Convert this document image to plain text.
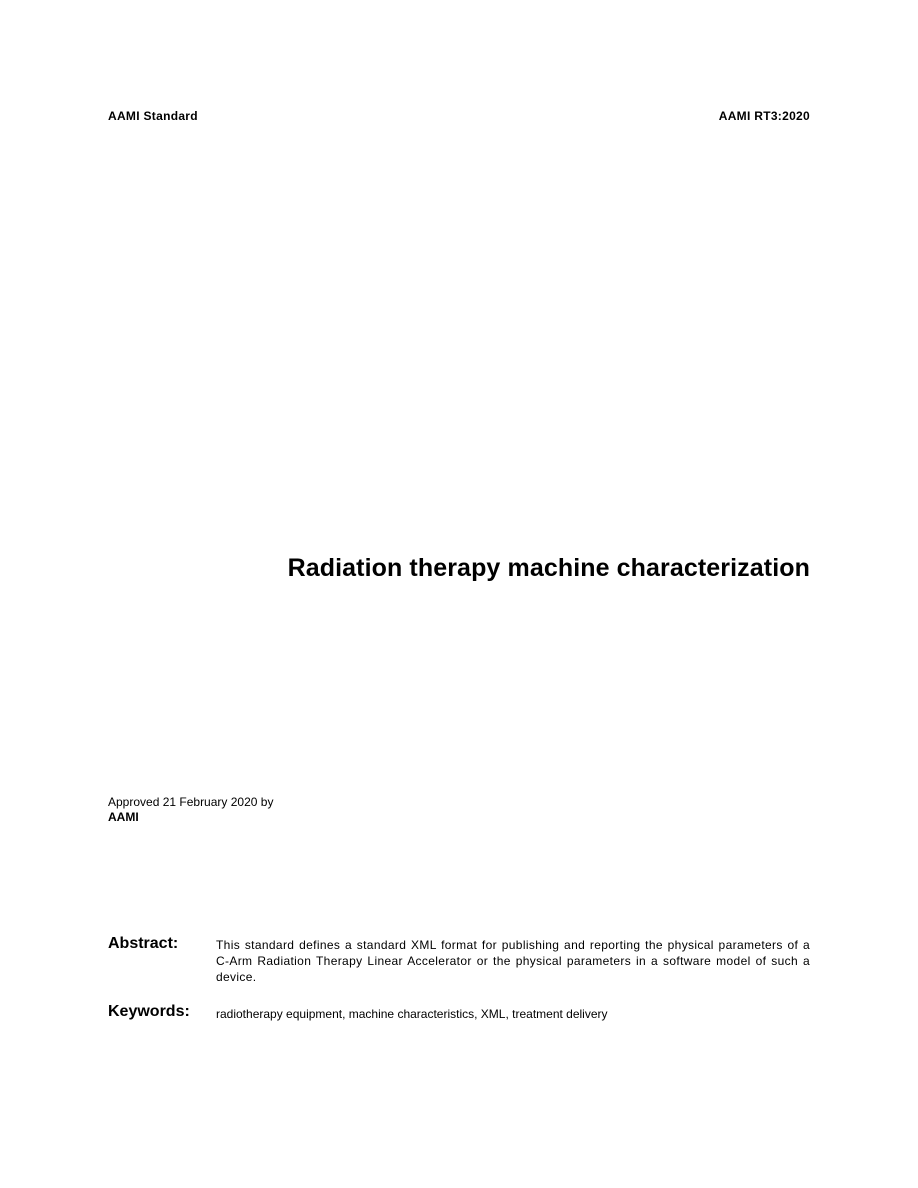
AAMI Standard	AAMI RT3:2020
Radiation therapy machine characterization
Approved 21 February 2020 by
AAMI
Abstract:	This standard defines a standard XML format for publishing and reporting the physical parameters of a C-Arm Radiation Therapy Linear Accelerator or the physical parameters in a software model of such a device.
Keywords:	radiotherapy equipment, machine characteristics, XML, treatment delivery
